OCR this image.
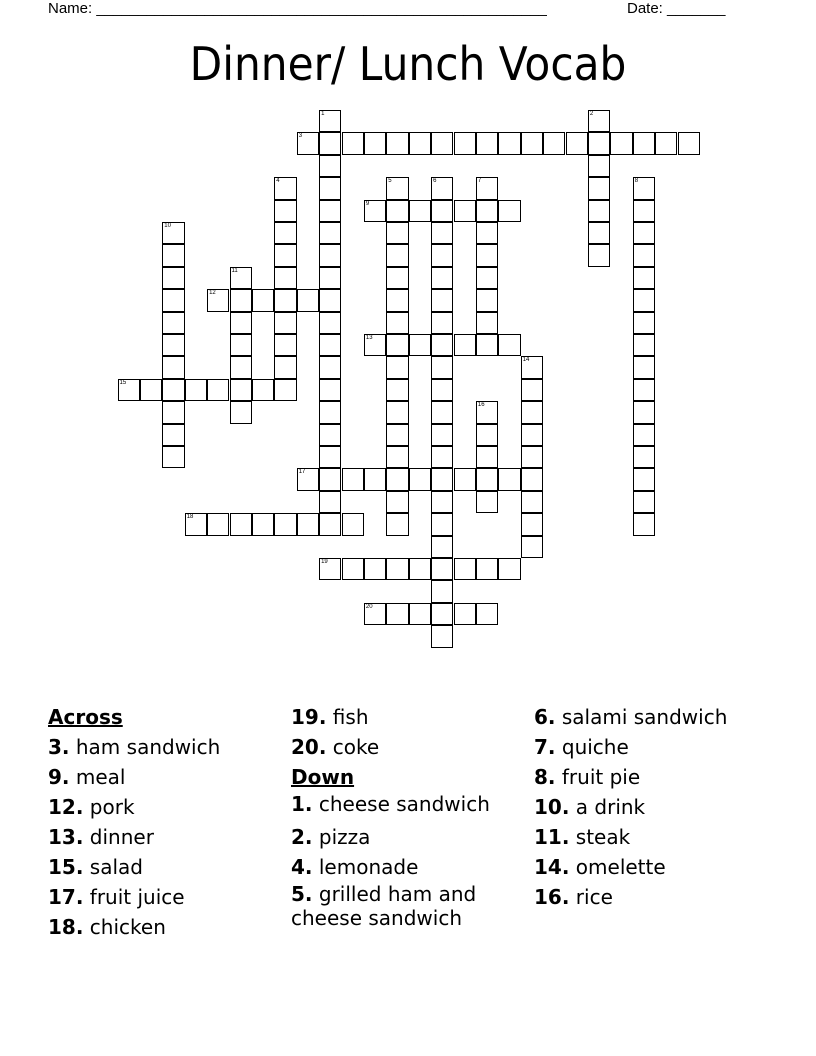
Name: ______________________________________________________	Date: _______
Dinner/ Lunch Vocab
1	2
3
4	5	6	7	8
9
10
11
12
13
14
15
16
17
18
19
20
Across
3. ham sandwich
9. meal
12. pork
13. dinner
15. salad
17. fruit juice
18. chicken
19. fish
20. coke
Down
1. cheese sandwich
2. pizza
4. lemonade
5. grilled ham and cheese sandwich
6. salami sandwich
7. quiche
8. fruit pie
10. a drink
11. steak
14. omelette
16. rice
